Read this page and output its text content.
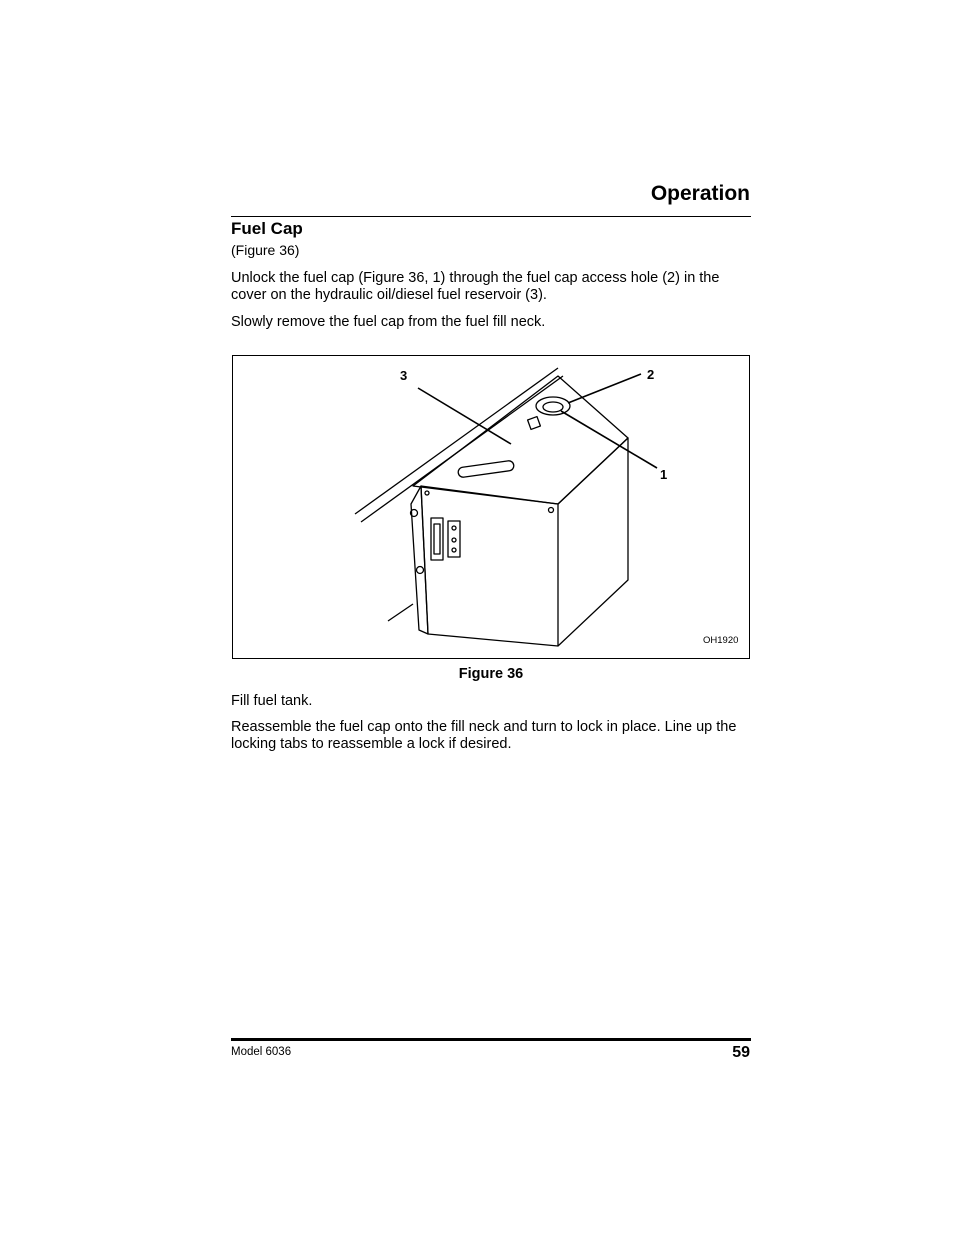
Operation
Fuel Cap
(Figure 36)
Unlock the fuel cap (Figure 36, 1) through the fuel cap access hole (2) in the cover on the hydraulic oil/diesel fuel reservoir (3).
Slowly remove the fuel cap from the fuel fill neck.
3	2
1
OH1920
Figure 36
Fill fuel tank.
Reassemble the fuel cap onto the fill neck and turn to lock in place. Line up the locking tabs to reassemble a lock if desired.
Model 6036	59
